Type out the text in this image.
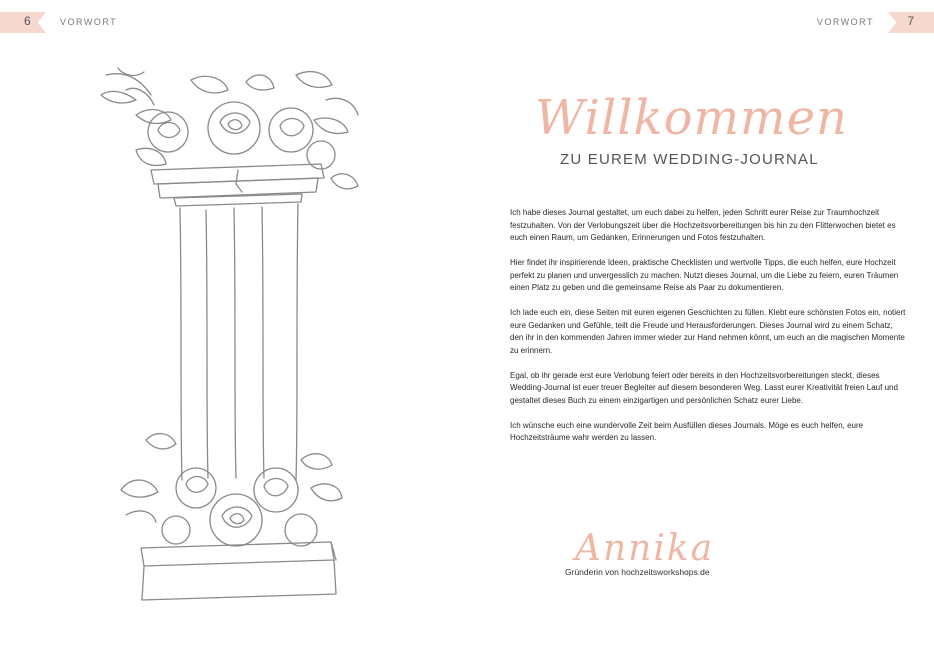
6	VORWORT	VORWORT	7
Willkommen
ZU EUREM WEDDING-JOURNAL

Ich habe dieses Journal gestaltet, um euch dabei zu helfen, jeden Schritt eurer Reise zur Traumhochzeit festzuhalten. Von der Verlobungszeit über die Hochzeitsvorbereitungen bis hin zu den Flitterwochen bietet es euch einen Raum, um Gedanken, Erinnerungen und Fotos festzuhalten.

Hier findet ihr inspirierende Ideen, praktische Checklisten und wertvolle Tipps, die euch helfen, eure Hochzeit perfekt zu planen und unvergesslich zu machen. Nutzt dieses Journal, um die Liebe zu feiern, euren Träumen einen Platz zu geben und die gemeinsame Reise als Paar zu dokumentieren.

Ich lade euch ein, diese Seiten mit euren eigenen Geschichten zu füllen. Klebt eure schönsten Fotos ein, notiert eure Gedanken und Gefühle, teilt die Freude und Herausforderungen. Dieses Journal wird zu einem Schatz, den ihr in den kommenden Jahren immer wieder zur Hand nehmen könnt, um euch an die magischen Momente zu erinnern.

Egal, ob ihr gerade erst eure Verlobung feiert oder bereits in den Hochzeitsvorbereitungen steckt, dieses Wedding-Journal ist euer treuer Begleiter auf diesem besonderen Weg. Lasst eurer Kreativität freien Lauf und gestaltet dieses Buch zu einem einzigartigen und persönlichen Schatz eurer Liebe.

Ich wünsche euch eine wundervolle Zeit beim Ausfüllen dieses Journals. Möge es euch helfen, eure Hochzeitsträume wahr werden zu lassen.

Annika
Gründerin von hochzeitsworkshops.de
